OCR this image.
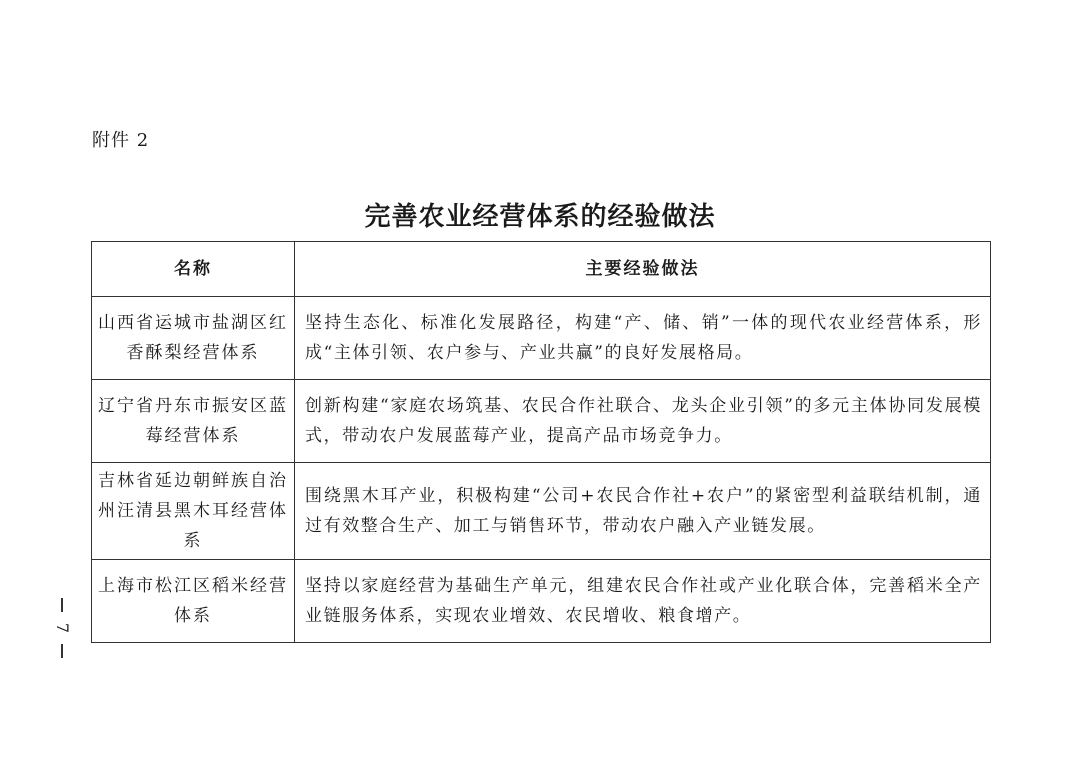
附件 2
完善农业经营体系的经验做法
名称	主要经验做法
山西省运城市盐湖区红香酥梨经营体系	坚持生态化、标准化发展路径，构建“产、储、销”一体的现代农业经营体系，形成“主体引领、农户参与、产业共赢”的良好发展格局。
辽宁省丹东市振安区蓝莓经营体系	创新构建“家庭农场筑基、农民合作社联合、龙头企业引领”的多元主体协同发展模式，带动农户发展蓝莓产业，提高产品市场竞争力。
吉林省延边朝鲜族自治州汪清县黑木耳经营体系	围绕黑木耳产业，积极构建“公司+农民合作社+农户”的紧密型利益联结机制，通过有效整合生产、加工与销售环节，带动农户融入产业链发展。
上海市松江区稻米经营体系	坚持以家庭经营为基础生产单元，组建农民合作社或产业化联合体，完善稻米全产业链服务体系，实现农业增效、农民增收、粮食增产。
7
